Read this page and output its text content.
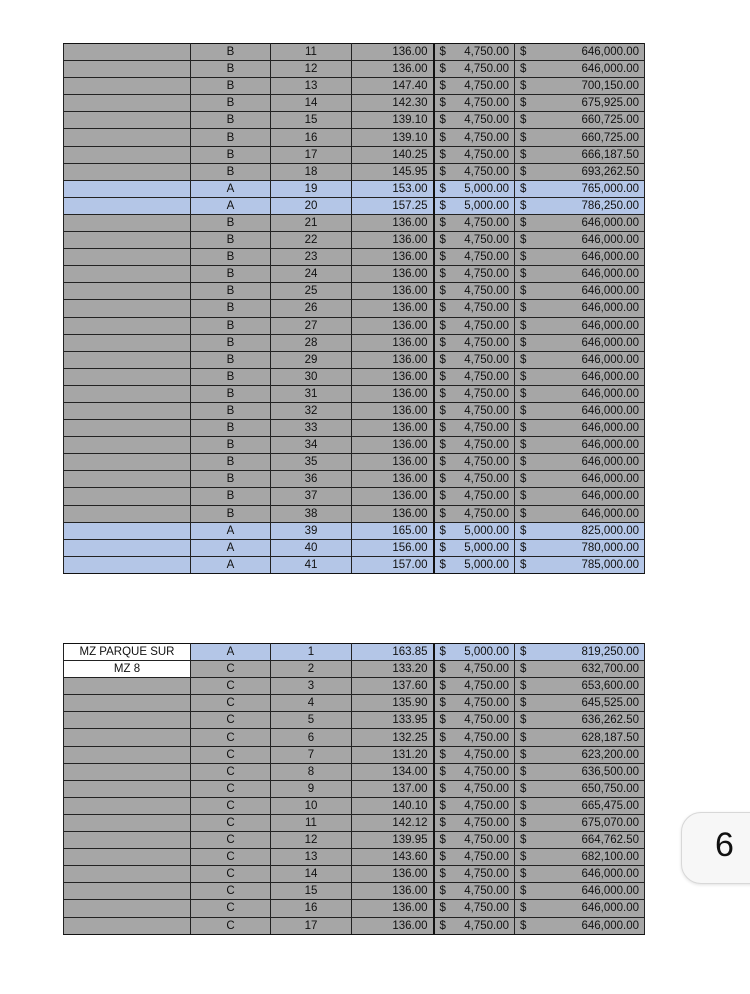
	B	11	136.00	$ 4,750.00	$ 646,000.00

	B	12	136.00	$ 4,750.00	$ 646,000.00

	B	13	147.40	$ 4,750.00	$ 700,150.00

	B	14	142.30	$ 4,750.00	$ 675,925.00

	B	15	139.10	$ 4,750.00	$ 660,725.00

	B	16	139.10	$ 4,750.00	$ 660,725.00

	B	17	140.25	$ 4,750.00	$ 666,187.50

	B	18	145.95	$ 4,750.00	$ 693,262.50

	A	19	153.00	$ 5,000.00	$ 765,000.00

	A	20	157.25	$ 5,000.00	$ 786,250.00

	B	21	136.00	$ 4,750.00	$ 646,000.00

	B	22	136.00	$ 4,750.00	$ 646,000.00

	B	23	136.00	$ 4,750.00	$ 646,000.00

	B	24	136.00	$ 4,750.00	$ 646,000.00

	B	25	136.00	$ 4,750.00	$ 646,000.00

	B	26	136.00	$ 4,750.00	$ 646,000.00

	B	27	136.00	$ 4,750.00	$ 646,000.00

	B	28	136.00	$ 4,750.00	$ 646,000.00

	B	29	136.00	$ 4,750.00	$ 646,000.00

	B	30	136.00	$ 4,750.00	$ 646,000.00

	B	31	136.00	$ 4,750.00	$ 646,000.00

	B	32	136.00	$ 4,750.00	$ 646,000.00

	B	33	136.00	$ 4,750.00	$ 646,000.00

	B	34	136.00	$ 4,750.00	$ 646,000.00

	B	35	136.00	$ 4,750.00	$ 646,000.00

	B	36	136.00	$ 4,750.00	$ 646,000.00

	B	37	136.00	$ 4,750.00	$ 646,000.00

	B	38	136.00	$ 4,750.00	$ 646,000.00

	A	39	165.00	$ 5,000.00	$ 825,000.00

	A	40	156.00	$ 5,000.00	$ 780,000.00

	A	41	157.00	$ 5,000.00	$ 785,000.00
MZ PARQUE SUR	A	1	163.85	$ 5,000.00	$ 819,250.00

MZ 8	C	2	133.20	$ 4,750.00	$ 632,700.00

	C	3	137.60	$ 4,750.00	$ 653,600.00

	C	4	135.90	$ 4,750.00	$ 645,525.00

	C	5	133.95	$ 4,750.00	$ 636,262.50

	C	6	132.25	$ 4,750.00	$ 628,187.50

	C	7	131.20	$ 4,750.00	$ 623,200.00

	C	8	134.00	$ 4,750.00	$ 636,500.00

	C	9	137.00	$ 4,750.00	$ 650,750.00

	C	10	140.10	$ 4,750.00	$ 665,475.00

	C	11	142.12	$ 4,750.00	$ 675,070.00

	C	12	139.95	$ 4,750.00	$ 664,762.50

	C	13	143.60	$ 4,750.00	$ 682,100.00

	C	14	136.00	$ 4,750.00	$ 646,000.00

	C	15	136.00	$ 4,750.00	$ 646,000.00

	C	16	136.00	$ 4,750.00	$ 646,000.00

	C	17	136.00	$ 4,750.00	$ 646,000.00
6
